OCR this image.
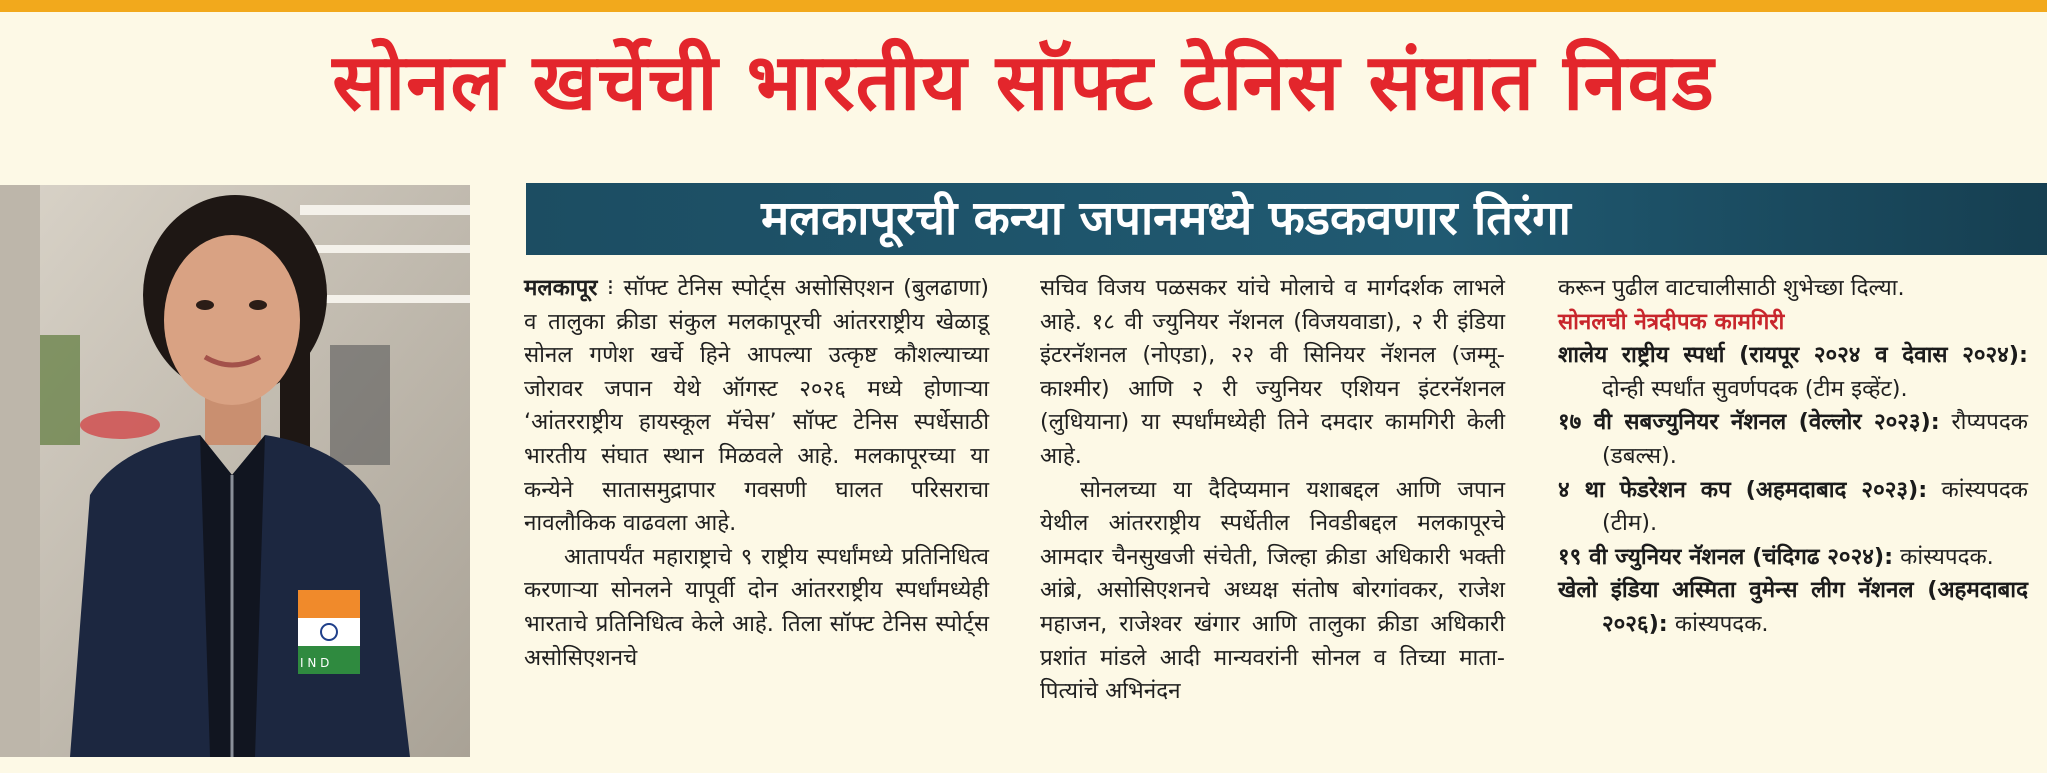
सोनल खर्चेची भारतीय सॉफ्ट टेनिस संघात निवड
I N D
मलकापूरची कन्या जपानमध्ये फडकवणार तिरंगा

मलकापूर ⁝ सॉफ्ट टेनिस स्पोर्ट्स असोसिएशन (बुलढाणा) व तालुका क्रीडा संकुल मलकापूरची आंतरराष्ट्रीय खेळाडू सोनल गणेश खर्चे हिने आपल्या उत्कृष्ट कौशल्याच्या जोरावर जपान येथे ऑगस्ट २०२६ मध्ये होणाऱ्या ‘आंतरराष्ट्रीय हायस्कूल मॅचेस’ सॉफ्ट टेनिस स्पर्धेसाठी भारतीय संघात स्थान मिळवले आहे. मलकापूरच्या या कन्येने सातासमुद्रापार गवसणी घालत परिसराचा नावलौकिक वाढवला आहे.

आतापर्यंत महाराष्ट्राचे ९ राष्ट्रीय स्पर्धांमध्ये प्रतिनिधित्व करणाऱ्या सोनलने यापूर्वी दोन आंतरराष्ट्रीय स्पर्धांमध्येही भारताचे प्रतिनिधित्व केले आहे. तिला सॉफ्ट टेनिस स्पोर्ट्स असोसिएशनचे

सचिव विजय पळसकर यांचे मोलाचे व मार्गदर्शक लाभले आहे. १८ वी ज्युनियर नॅशनल (विजयवाडा), २ री इंडिया इंटरनॅशनल (नोएडा), २२ वी सिनियर नॅशनल (जम्मू-काश्मीर) आणि २ री ज्युनियर एशियन इंटरनॅशनल (लुधियाना) या स्पर्धांमध्येही तिने दमदार कामगिरी केली आहे.

सोनलच्या या दैदिप्यमान यशाबद्दल आणि जपान येथील आंतरराष्ट्रीय स्पर्धेतील निवडीबद्दल मलकापूरचे आमदार चैनसुखजी संचेती, जिल्हा क्रीडा अधिकारी भक्ती आंब्रे, असोसिएशनचे अध्यक्ष संतोष बोरगांवकर, राजेश महाजन, राजेश्वर खंगार आणि तालुका क्रीडा अधिकारी प्रशांत मांडले आदी मान्यवरांनी सोनल व तिच्या माता-पित्यांचे अभिनंदन

करून पुढील वाटचालीसाठी शुभेच्छा दिल्या.

सोनलची नेत्रदीपक कामगिरी

शालेय राष्ट्रीय स्पर्धा (रायपूर २०२४ व देवास २०२४): दोन्ही स्पर्धांत सुवर्णपदक (टीम इव्हेंट).

१७ वी सबज्युनियर नॅशनल (वेल्लोर २०२३): रौप्यपदक (डबल्स).

४ था फेडरेशन कप (अहमदाबाद २०२३): कांस्यपदक (टीम).

१९ वी ज्युनियर नॅशनल (चंदिगढ २०२४): कांस्यपदक.

खेलो इंडिया अस्मिता वुमेन्स लीग नॅशनल (अहमदाबाद २०२६): कांस्यपदक.
